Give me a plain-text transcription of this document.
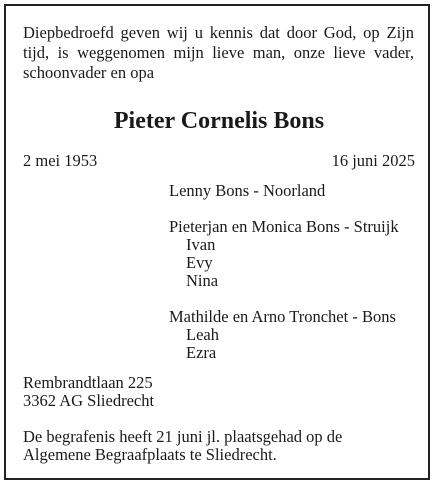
Diepbedroefd geven wij u kennis dat door God, op Zijn tijd, is weggenomen mijn lieve man, onze lieve vader, schoonvader en opa

Pieter Cornelis Bons
2 mei 1953	16 juni 2025
Lenny Bons - Noorland
Pieterjan en Monica Bons - Struijk
Ivan
Evy
Nina
Mathilde en Arno Tronchet - Bons
Leah
Ezra
Rembrandtlaan 225
3362 AG Sliedrecht
De begrafenis heeft 21 juni jl. plaatsgehad op de
Algemene Begraafplaats te Sliedrecht.
